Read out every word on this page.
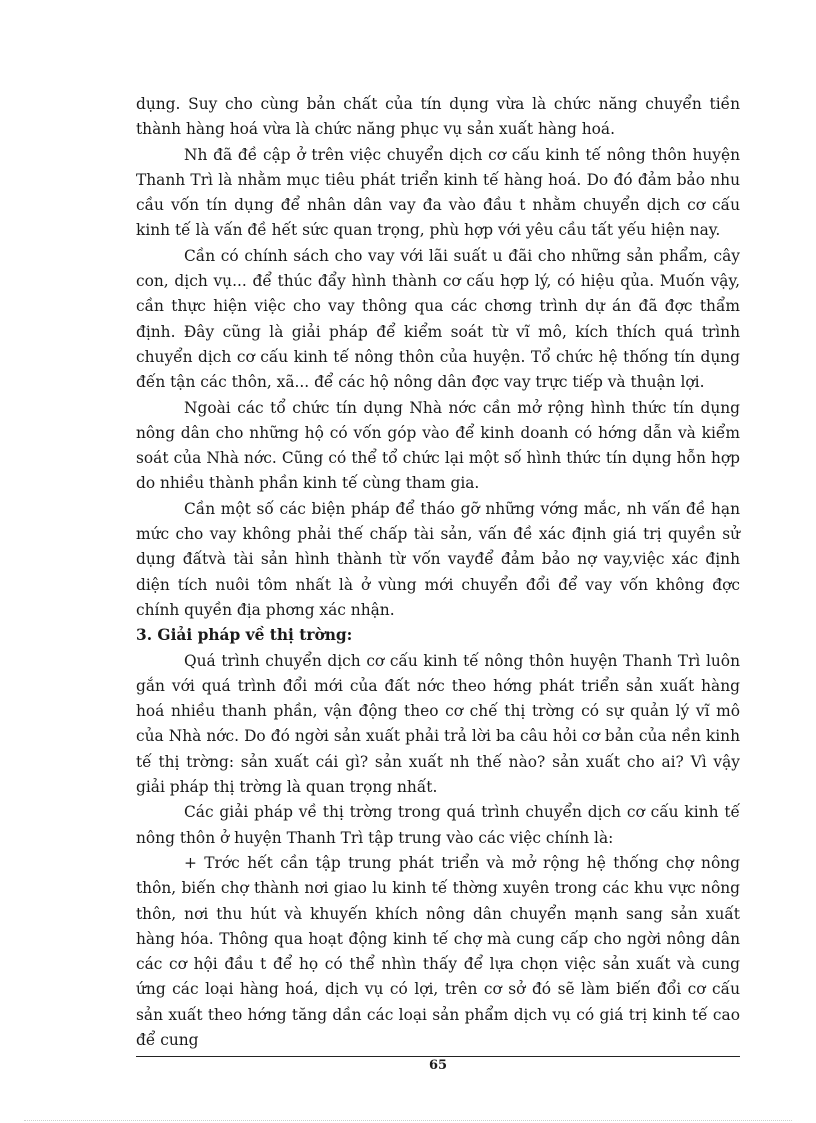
dụng. Suy cho cùng bản chất của tín dụng vừa là chức năng chuyển tiền thành hàng hoá vừa là chức năng phục vụ sản xuất hàng hoá.

Nh đã đề cập ở trên việc chuyển dịch cơ cấu kinh tế nông thôn huyện Thanh Trì là nhằm mục tiêu phát triển kinh tế hàng hoá. Do đó đảm bảo nhu cầu vốn tín dụng để nhân dân vay đa vào đầu t nhằm chuyển dịch cơ cấu kinh tế là vấn đề hết sức quan trọng, phù hợp với yêu cầu tất yếu hiện nay.

Cần có chính sách cho vay với lãi suất u đãi cho những sản phẩm, cây con, dịch vụ... để thúc đẩy hình thành cơ cấu hợp lý, có hiệu qủa. Muốn vậy, cần thực hiện việc cho vay thông qua các chơng trình dự án đã đợc thẩm định. Đây cũng là giải pháp để kiểm soát từ vĩ mô, kích thích quá trình chuyển dịch cơ cấu kinh tế nông thôn của huyện. Tổ chức hệ thống tín dụng đến tận các thôn, xã... để các hộ nông dân đợc vay trực tiếp và thuận lợi.

Ngoài các tổ chức tín dụng Nhà nớc cần mở rộng hình thức tín dụng nông dân cho những hộ có vốn góp vào để kinh doanh có hớng dẫn và kiểm soát của Nhà nớc. Cũng có thể tổ chức lại một số hình thức tín dụng hỗn hợp do nhiều thành phần kinh tế cùng tham gia.

Cần một số các biện pháp để tháo gỡ những vớng mắc, nh vấn đề hạn mức cho vay không phải thế chấp tài sản, vấn đề xác định giá trị quyền sử dụng đấtvà tài sản hình thành từ vốn vayđể đảm bảo nợ vay,việc xác định diện tích nuôi tôm nhất là ở vùng mới chuyển đổi để vay vốn không đợc chính quyền địa phơng xác nhận.

3. Giải pháp về thị trờng:

Quá trình chuyển dịch cơ cấu kinh tế nông thôn huyện Thanh Trì luôn gắn với quá trình đổi mới của đất nớc theo hớng phát triển sản xuất hàng hoá nhiều thanh phần, vận động theo cơ chế thị trờng có sự quản lý vĩ mô của Nhà nớc. Do đó ngời sản xuất phải trả lời ba câu hỏi cơ bản của nền kinh tế thị trờng: sản xuất cái gì? sản xuất nh thế nào? sản xuất cho ai? Vì vậy giải pháp thị trờng là quan trọng nhất.

Các giải pháp về thị trờng trong quá trình chuyển dịch cơ cấu kinh tế nông thôn ở huyện Thanh Trì tập trung vào các việc chính là:

+ Trớc hết cần tập trung phát triển và mở rộng hệ thống chợ nông thôn, biến chợ thành nơi giao lu kinh tế thờng xuyên trong các khu vực nông thôn, nơi thu hút và khuyến khích nông dân chuyển mạnh sang sản xuất hàng hóa. Thông qua hoạt động kinh tế chợ mà cung cấp cho ngời nông dân các cơ hội đầu t để họ có thể nhìn thấy để lựa chọn việc sản xuất và cung ứng các loại hàng hoá, dịch vụ có lợi, trên cơ sở đó sẽ làm biến đổi cơ cấu sản xuất theo hớng tăng dần các loại sản phẩm dịch vụ có giá trị kinh tế cao để cung

65
